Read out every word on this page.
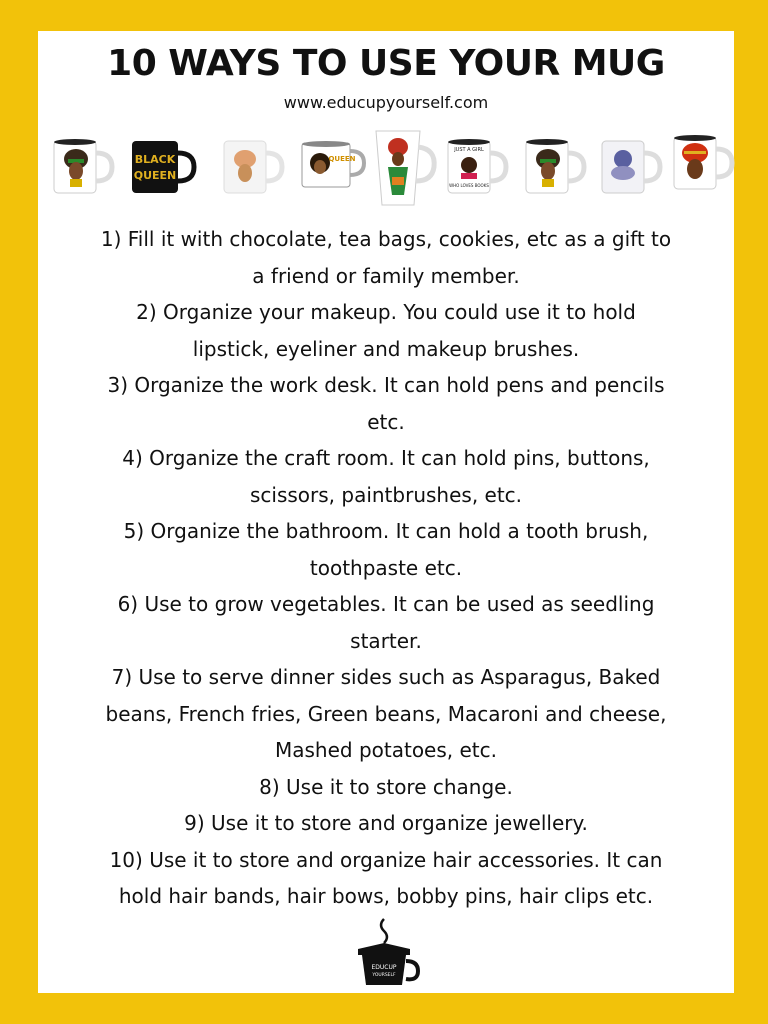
10 WAYS TO USE YOUR MUG
www.educupyourself.com
BLACK
QUEEN
QUEEN
JUST A GIRL
WHO LOVES BOOKS
1) Fill it with chocolate, tea bags, cookies, etc as a gift to
a friend or family member.
2) Organize your makeup. You could use it to hold
lipstick, eyeliner and makeup brushes.
3) Organize the work desk. It can hold pens and pencils
etc.
4) Organize the craft room. It can hold pins, buttons,
scissors, paintbrushes, etc.
5) Organize the bathroom. It can hold a tooth brush,
toothpaste etc.
6) Use to grow vegetables. It can be used as seedling
starter.
7) Use to serve dinner sides such as Asparagus, Baked
beans, French fries, Green beans, Macaroni and cheese,
Mashed potatoes, etc.
8) Use it to store change.
9) Use it to store and organize jewellery.
10) Use it to store and organize hair accessories. It can
hold hair bands, hair bows, bobby pins, hair clips etc.
EDUCUP
YOURSELF
